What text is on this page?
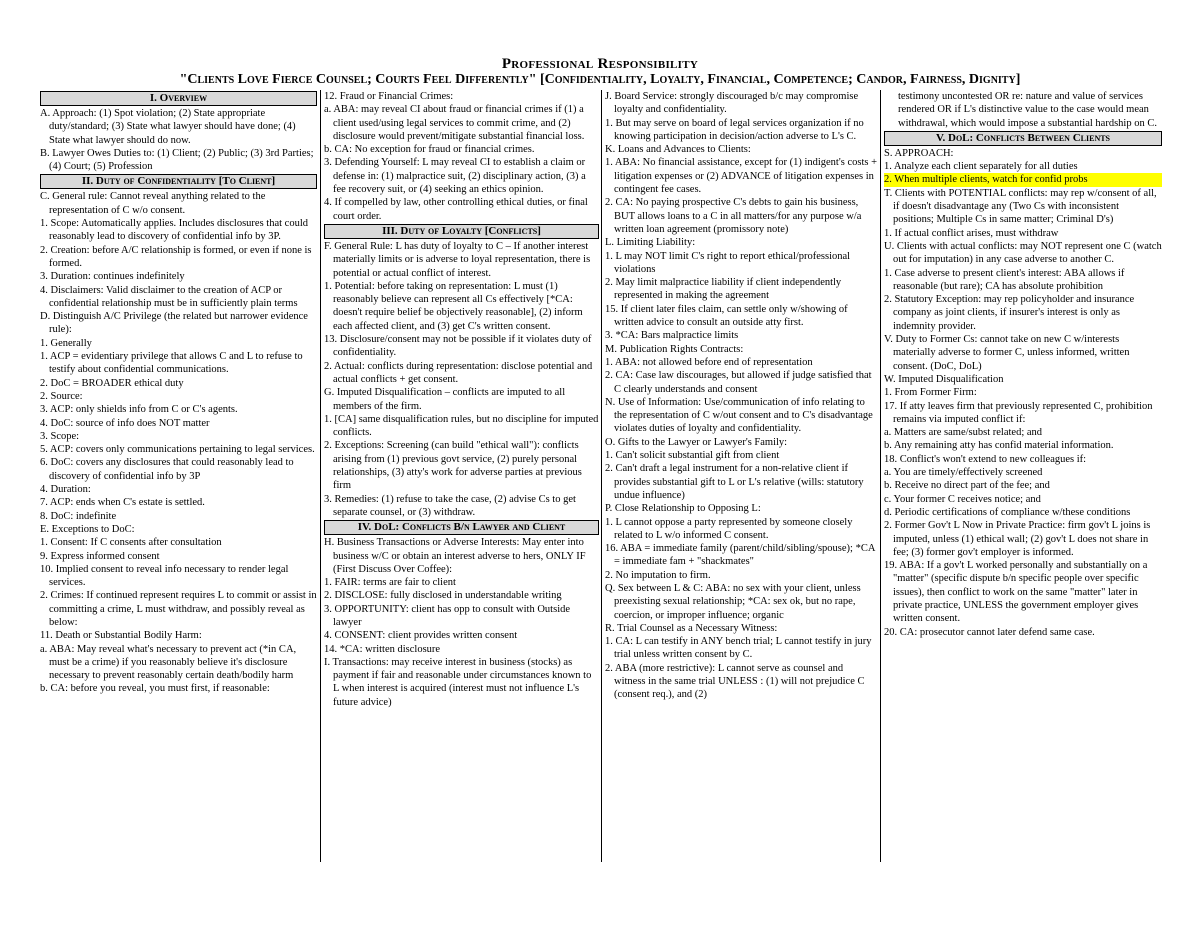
Professional Responsibility
"Clients Love Fierce Counsel; Courts Feel Differently" [Confidentiality, Loyalty, Financial, Competence; Candor, Fairness, Dignity]
I. Overview

A. Approach: (1) Spot violation; (2) State appropriate duty/standard; (3) State what lawyer should have done; (4) State what lawyer should do now.

B. Lawyer Owes Duties to: (1) Client; (2) Public; (3) 3rd Parties; (4) Court; (5) Profession

II. Duty of Confidentiality [To Client]

C. General rule: Cannot reveal anything related to the representation of C w/o consent.

1. Scope: Automatically applies. Includes disclosures that could reasonably lead to discovery of confidential info by 3P.

2. Creation: before A/C relationship is formed, or even if none is formed.

3. Duration: continues indefinitely

4. Disclaimers: Valid disclaimer to the creation of ACP or confidential relationship must be in sufficiently plain terms

D. Distinguish A/C Privilege (the related but narrower evidence rule):

1. Generally

1. ACP = evidentiary privilege that allows C and L to refuse to testify about confidential communications.

2. DoC = BROADER ethical duty

2. Source:

3. ACP: only shields info from C or C's agents.

4. DoC: source of info does NOT matter

3. Scope:

5. ACP: covers only communications pertaining to legal services.

6. DoC: covers any disclosures that could reasonably lead to discovery of confidential info by 3P

4. Duration:

7. ACP: ends when C's estate is settled.

8. DoC: indefinite

E. Exceptions to DoC:

1. Consent: If C consents after consultation

9. Express informed consent

10. Implied consent to reveal info necessary to render legal services.

2. Crimes: If continued represent requires L to commit or assist in committing a crime, L must withdraw, and possibly reveal as below:

11. Death or Substantial Bodily Harm:

a. ABA: May reveal what's necessary to prevent act (*in CA, must be a crime) if you reasonably believe it's disclosure necessary to prevent reasonably certain death/bodily harm

b. CA: before you reveal, you must first, if reasonable:

12. Fraud or Financial Crimes:

a. ABA: may reveal CI about fraud or financial crimes if (1) a client used/using legal services to commit crime, and (2) disclosure would prevent/mitigate substantial financial loss.

b. CA: No exception for fraud or financial crimes.

3. Defending Yourself: L may reveal CI to establish a claim or defense in: (1) malpractice suit, (2) disciplinary action, (3) a fee recovery suit, or (4) seeking an ethics opinion.

4. If compelled by law, other controlling ethical duties, or final court order.

III. Duty of Loyalty [Conflicts]

F. General Rule: L has duty of loyalty to C – If another interest materially limits or is adverse to loyal representation, there is potential or actual conflict of interest.

1. Potential: before taking on representation: L must (1) reasonably believe can represent all Cs effectively [*CA: doesn't require belief be objectively reasonable], (2) inform each affected client, and (3) get C's written consent.

13. Disclosure/consent may not be possible if it violates duty of confidentiality.

2. Actual: conflicts during representation: disclose potential and actual conflicts + get consent.

G. Imputed Disqualification – conflicts are imputed to all members of the firm.

1. [CA] same disqualification rules, but no discipline for imputed conflicts.

2. Exceptions: Screening (can build "ethical wall"): conflicts arising from (1) previous govt service, (2) purely personal relationships, (3) atty's work for adverse parties at previous firm

3. Remedies: (1) refuse to take the case, (2) advise Cs to get separate counsel, or (3) withdraw.

IV. DoL: Conflicts B/n Lawyer and Client

H. Business Transactions or Adverse Interests: May enter into business w/C or obtain an interest adverse to hers, ONLY IF (First Discuss Over Coffee):

1. FAIR: terms are fair to client

2. DISCLOSE: fully disclosed in understandable writing

3. OPPORTUNITY: client has opp to consult with Outside lawyer

4. CONSENT: client provides written consent

14. *CA: written disclosure

I. Transactions: may receive interest in business (stocks) as payment if fair and reasonable under circumstances known to L when interest is acquired (interest must not influence L's future advice)

J. Board Service: strongly discouraged b/c may compromise loyalty and confidentiality.

1. But may serve on board of legal services organization if no knowing participation in decision/action adverse to L's C.

K. Loans and Advances to Clients:

1. ABA: No financial assistance, except for (1) indigent's costs + litigation expenses or (2) ADVANCE of litigation expenses in contingent fee cases.

2. CA: No paying prospective C's debts to gain his business, BUT allows loans to a C in all matters/for any purpose w/a written loan agreement (promissory note)

L. Limiting Liability:

1. L may NOT limit C's right to report ethical/professional violations

2. May limit malpractice liability if client independently represented in making the agreement

15. If client later files claim, can settle only w/showing of written advice to consult an outside atty first.

3. *CA: Bars malpractice limits

M. Publication Rights Contracts:

1. ABA: not allowed before end of representation

2. CA: Case law discourages, but allowed if judge satisfied that C clearly understands and consent

N. Use of Information: Use/communication of info relating to the representation of C w/out consent and to C's disadvantage violates duties of loyalty and confidentiality.

O. Gifts to the Lawyer or Lawyer's Family:

1. Can't solicit substantial gift from client

2. Can't draft a legal instrument for a non-relative client if provides substantial gift to L or L's relative (wills: statutory undue influence)

P. Close Relationship to Opposing L:

1. L cannot oppose a party represented by someone closely related to L w/o informed C consent.

16. ABA = immediate family (parent/child/sibling/spouse); *CA = immediate fam + "shackmates"

2. No imputation to firm.

Q. Sex between L & C: ABA: no sex with your client, unless preexisting sexual relationship; *CA: sex ok, but no rape, coercion, or improper influence; organic

R. Trial Counsel as a Necessary Witness:

1. CA: L can testify in ANY bench trial; L cannot testify in jury trial unless written consent by C.

2. ABA (more restrictive): L cannot serve as counsel and witness in the same trial UNLESS : (1) will not prejudice C (consent req.), and (2)

testimony uncontested OR re: nature and value of services rendered OR if L's distinctive value to the case would mean withdrawal, which would impose a substantial hardship on C.

V. DoL: Conflicts Between Clients

S. APPROACH:

1. Analyze each client separately for all duties

2. When multiple clients, watch for confid probs

T. Clients with POTENTIAL conflicts: may rep w/consent of all, if doesn't disadvantage any (Two Cs with inconsistent positions; Multiple Cs in same matter; Criminal D's)

1. If actual conflict arises, must withdraw

U. Clients with actual conflicts: may NOT represent one C (watch out for imputation) in any case adverse to another C.

1. Case adverse to present client's interest: ABA allows if reasonable (but rare); CA has absolute prohibition

2. Statutory Exception: may rep policyholder and insurance company as joint clients, if insurer's interest is only as indemnity provider.

V. Duty to Former Cs: cannot take on new C w/interests materially adverse to former C, unless informed, written consent. (DoC, DoL)

W. Imputed Disqualification

1. From Former Firm:

17. If atty leaves firm that previously represented C, prohibition remains via imputed conflict if:

a. Matters are same/subst related; and

b. Any remaining atty has confid material information.

18. Conflict's won't extend to new colleagues if:

a. You are timely/effectively screened

b. Receive no direct part of the fee; and

c. Your former C receives notice; and

d. Periodic certifications of compliance w/these conditions

2. Former Gov't L Now in Private Practice: firm gov't L joins is imputed, unless (1) ethical wall; (2) gov't L does not share in fee; (3) former gov't employer is informed.

19. ABA: If a gov't L worked personally and substantially on a "matter" (specific dispute b/n specific people over specific issues), then conflict to work on the same "matter" later in private practice, UNLESS the government employer gives written consent.

20. CA: prosecutor cannot later defend same case.
